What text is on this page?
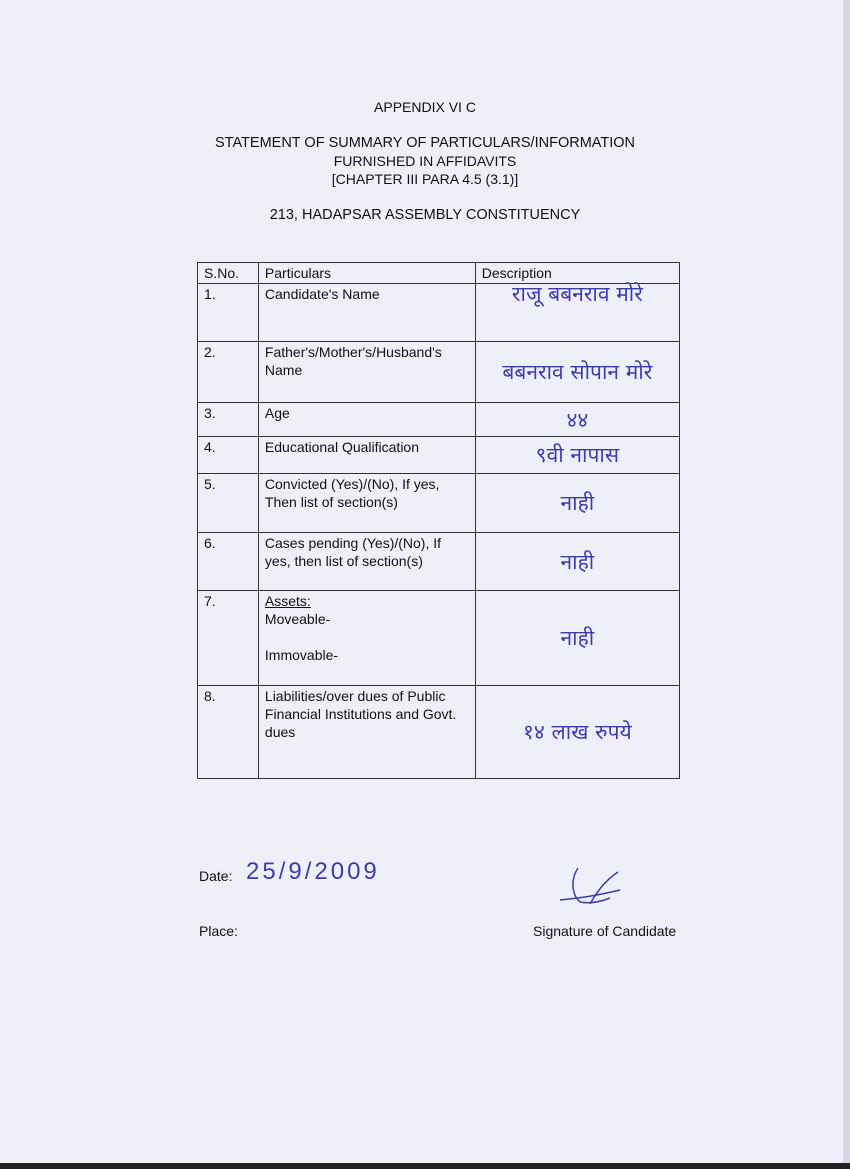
APPENDIX VI C
STATEMENT OF SUMMARY OF PARTICULARS/INFORMATION
FURNISHED IN AFFIDAVITS
[CHAPTER III PARA 4.5 (3.1)]
213, HADAPSAR ASSEMBLY CONSTITUENCY
S.No.	Particulars	Description
1.	Candidate's Name	राजू बबनराव मोरे
2.	Father's/Mother's/Husband's Name	बबनराव सोपान मोरे
3.	Age	४४
4.	Educational Qualification	९वी नापास
5.	Convicted (Yes)/(No), If yes, Then list of section(s)	नाही
6.	Cases pending (Yes)/(No), If yes, then list of section(s)	नाही
7.	Assets:
Moveable-
Immovable-	नाही
8.	Liabilities/over dues of Public Financial Institutions and Govt. dues	१४ लाख रुपये
Date: 25/9/2009
Place:	Signature of Candidate
